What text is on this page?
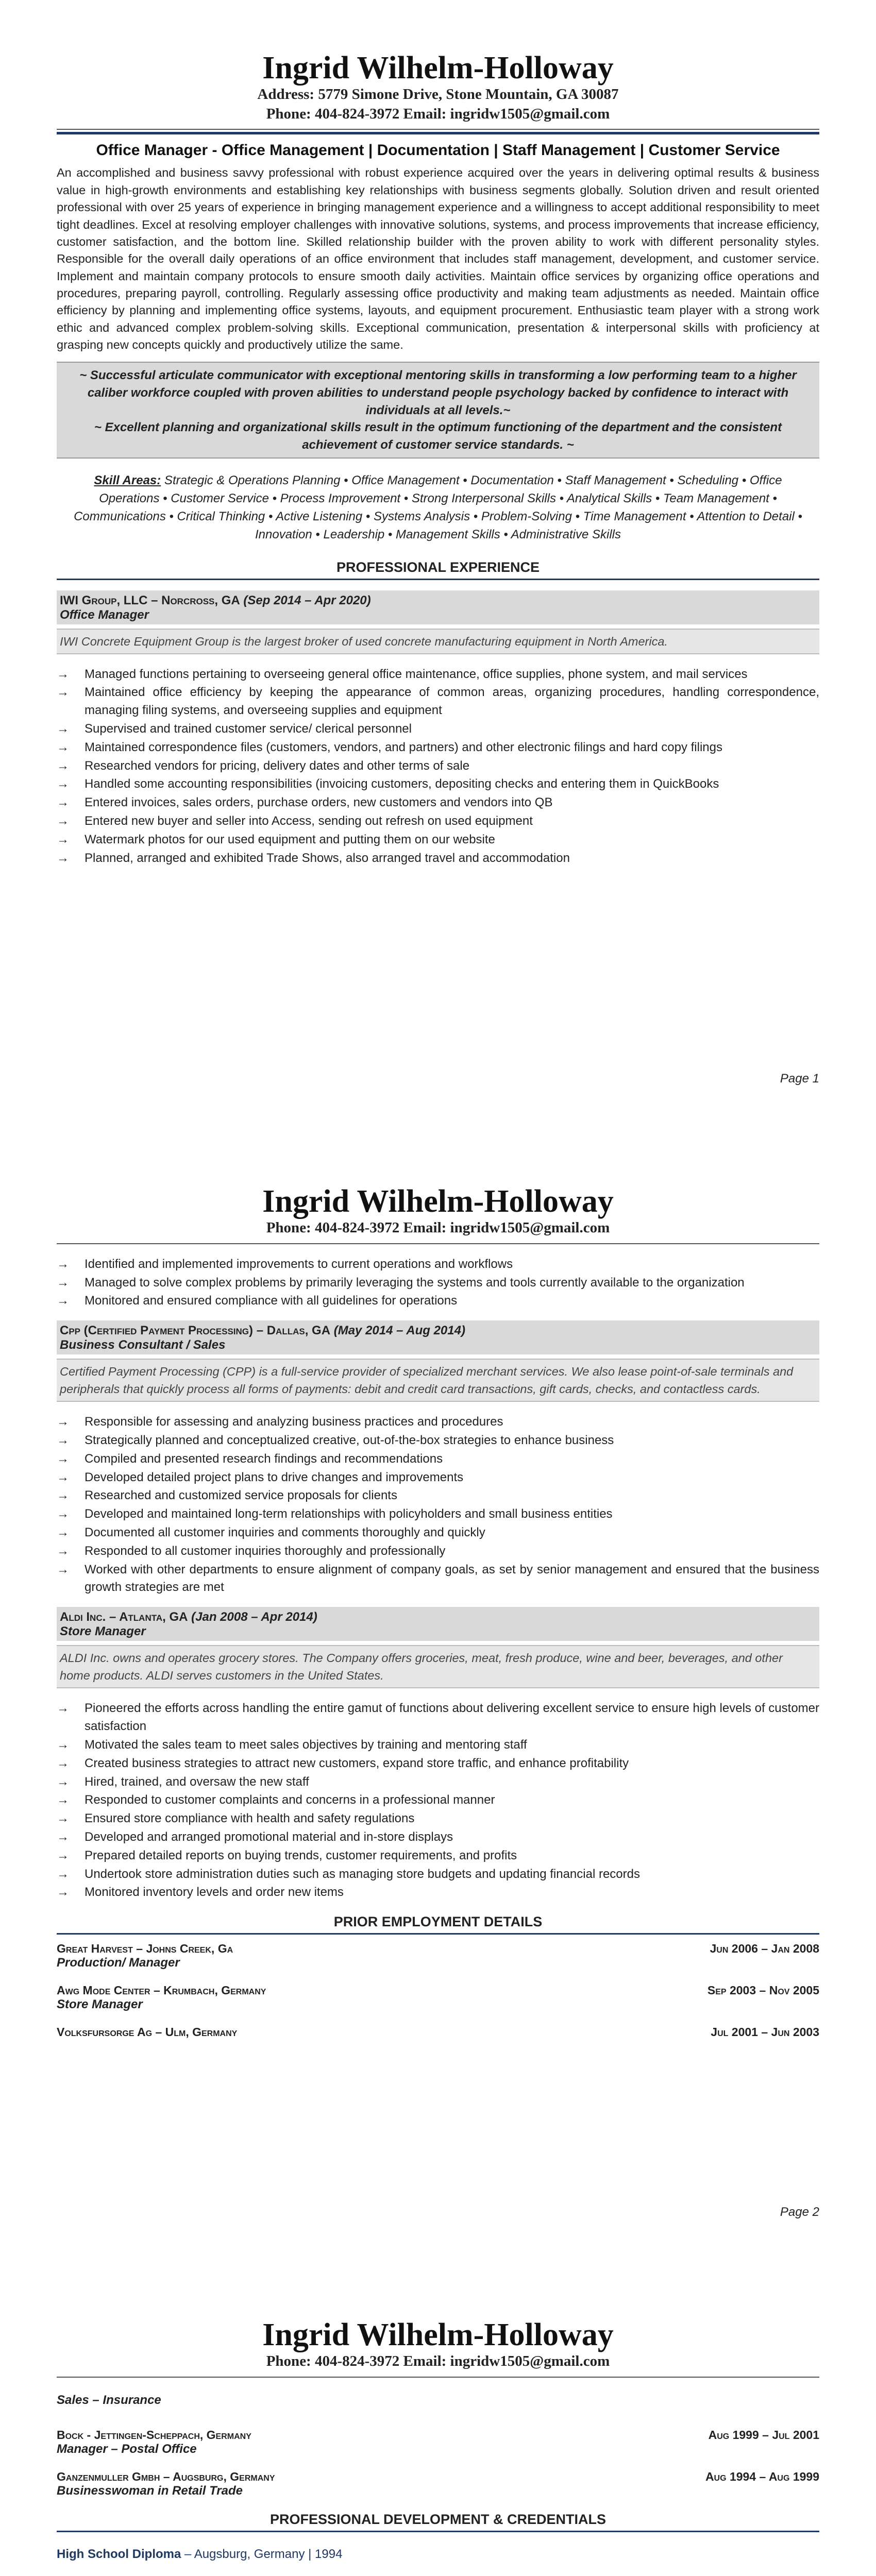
Ingrid Wilhelm-Holloway
Address: 5779 Simone Drive, Stone Mountain, GA 30087
Phone: 404-824-3972 Email: ingridw1505@gmail.com
Office Manager - Office Management | Documentation | Staff Management | Customer Service
An accomplished and business savvy professional with robust experience acquired over the years in delivering optimal results & business value in high-growth environments and establishing key relationships with business segments globally. Solution driven and result oriented professional with over 25 years of experience in bringing management experience and a willingness to accept additional responsibility to meet tight deadlines. Excel at resolving employer challenges with innovative solutions, systems, and process improvements that increase efficiency, customer satisfaction, and the bottom line. Skilled relationship builder with the proven ability to work with different personality styles. Responsible for the overall daily operations of an office environment that includes staff management, development, and customer service. Implement and maintain company protocols to ensure smooth daily activities. Maintain office services by organizing office operations and procedures, preparing payroll, controlling. Regularly assessing office productivity and making team adjustments as needed. Maintain office efficiency by planning and implementing office systems, layouts, and equipment procurement. Enthusiastic team player with a strong work ethic and advanced complex problem-solving skills. Exceptional communication, presentation & interpersonal skills with proficiency at grasping new concepts quickly and productively utilize the same.
~ Successful articulate communicator with exceptional mentoring skills in transforming a low performing team to a higher caliber workforce coupled with proven abilities to understand people psychology backed by confidence to interact with individuals at all levels.~
~ Excellent planning and organizational skills result in the optimum functioning of the department and the consistent achievement of customer service standards. ~
Skill Areas: Strategic & Operations Planning • Office Management • Documentation • Staff Management • Scheduling • Office Operations • Customer Service • Process Improvement • Strong Interpersonal Skills • Analytical Skills • Team Management • Communications • Critical Thinking • Active Listening • Systems Analysis • Problem-Solving • Time Management • Attention to Detail • Innovation • Leadership • Management Skills • Administrative Skills
PROFESSIONAL EXPERIENCE
IWI Group, LLC – Norcross, GA (Sep 2014 – Apr 2020)
Office Manager
IWI Concrete Equipment Group is the largest broker of used concrete manufacturing equipment in North America.
→ Managed functions pertaining to overseeing general office maintenance, office supplies, phone system, and mail services
→ Maintained office efficiency by keeping the appearance of common areas, organizing procedures, handling correspondence, managing filing systems, and overseeing supplies and equipment
→ Supervised and trained customer service/ clerical personnel
→ Maintained correspondence files (customers, vendors, and partners) and other electronic filings and hard copy filings
→ Researched vendors for pricing, delivery dates and other terms of sale
→ Handled some accounting responsibilities (invoicing customers, depositing checks and entering them in QuickBooks
→ Entered invoices, sales orders, purchase orders, new customers and vendors into QB
→ Entered new buyer and seller into Access, sending out refresh on used equipment
→ Watermark photos for our used equipment and putting them on our website
→ Planned, arranged and exhibited Trade Shows, also arranged travel and accommodation
Page 1
Ingrid Wilhelm-Holloway
Phone: 404-824-3972 Email: ingridw1505@gmail.com
→ Identified and implemented improvements to current operations and workflows
→ Managed to solve complex problems by primarily leveraging the systems and tools currently available to the organization
→ Monitored and ensured compliance with all guidelines for operations
Cpp (Certified Payment Processing) – Dallas, GA (May 2014 – Aug 2014)
Business Consultant / Sales
Certified Payment Processing (CPP) is a full-service provider of specialized merchant services. We also lease point-of-sale terminals and peripherals that quickly process all forms of payments: debit and credit card transactions, gift cards, checks, and contactless cards.
→ Responsible for assessing and analyzing business practices and procedures
→ Strategically planned and conceptualized creative, out-of-the-box strategies to enhance business
→ Compiled and presented research findings and recommendations
→ Developed detailed project plans to drive changes and improvements
→ Researched and customized service proposals for clients
→ Developed and maintained long-term relationships with policyholders and small business entities
→ Documented all customer inquiries and comments thoroughly and quickly
→ Responded to all customer inquiries thoroughly and professionally
→ Worked with other departments to ensure alignment of company goals, as set by senior management and ensured that the business growth strategies are met
Aldi Inc. – Atlanta, GA (Jan 2008 – Apr 2014)
Store Manager
ALDI Inc. owns and operates grocery stores. The Company offers groceries, meat, fresh produce, wine and beer, beverages, and other home products. ALDI serves customers in the United States.
→ Pioneered the efforts across handling the entire gamut of functions about delivering excellent service to ensure high levels of customer satisfaction
→ Motivated the sales team to meet sales objectives by training and mentoring staff
→ Created business strategies to attract new customers, expand store traffic, and enhance profitability
→ Hired, trained, and oversaw the new staff
→ Responded to customer complaints and concerns in a professional manner
→ Ensured store compliance with health and safety regulations
→ Developed and arranged promotional material and in-store displays
→ Prepared detailed reports on buying trends, customer requirements, and profits
→ Undertook store administration duties such as managing store budgets and updating financial records
→ Monitored inventory levels and order new items
PRIOR EMPLOYMENT DETAILS
Great Harvest – Johns Creek, Ga	Jun 2006 – Jan 2008
Production/ Manager
Awg Mode Center – Krumbach, Germany	Sep 2003 – Nov 2005
Store Manager
Volksfursorge Ag – Ulm, Germany	Jul 2001 – Jun 2003
Page 2
Ingrid Wilhelm-Holloway
Phone: 404-824-3972 Email: ingridw1505@gmail.com
Sales – Insurance
Bock - Jettingen-Scheppach, Germany	Aug 1999 – Jul 2001
Manager – Postal Office
Ganzenmuller Gmbh – Augsburg, Germany	Aug 1994 – Aug 1999
Businesswoman in Retail Trade
PROFESSIONAL DEVELOPMENT & CREDENTIALS
High School Diploma – Augsburg, Germany | 1994
